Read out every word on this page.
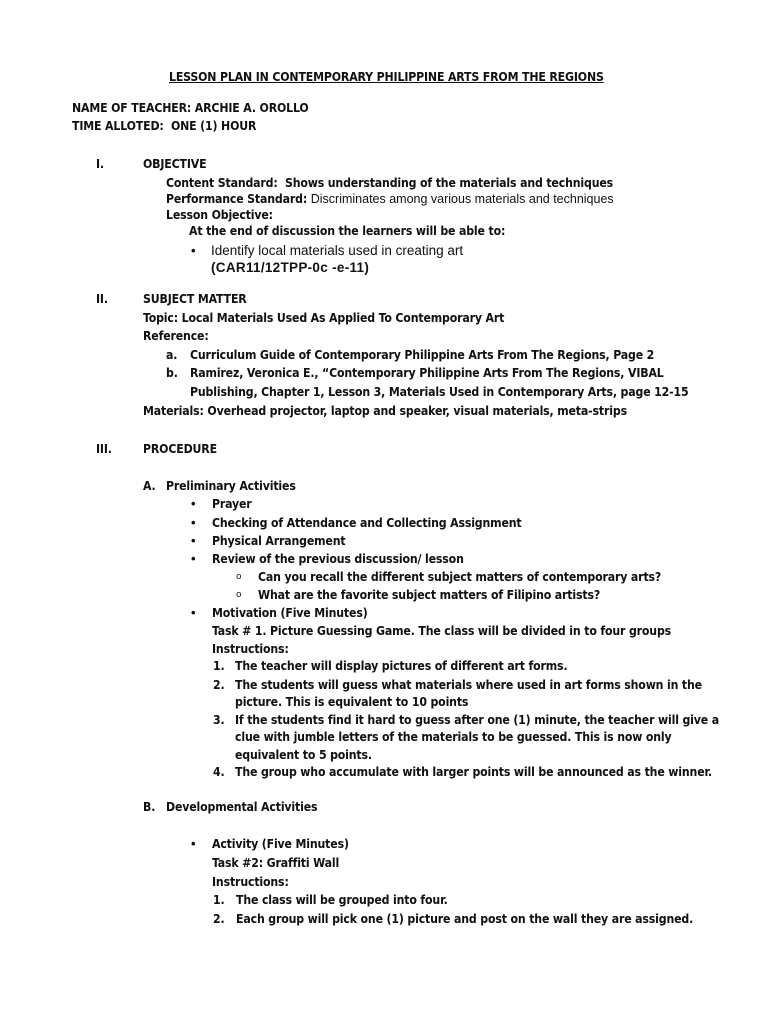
LESSON PLAN IN CONTEMPORARY PHILIPPINE ARTS FROM THE REGIONS
NAME OF TEACHER: ARCHIE A. OROLLO
TIME ALLOTED: ONE (1) HOUR
I.	OBJECTIVE
Content Standard: Shows understanding of the materials and techniques
Performance Standard: Discriminates among various materials and techniques
Lesson Objective:
At the end of discussion the learners will be able to:
• Identify local materials used in creating art
(CAR11/12TPP-0c -e-11)
II.	SUBJECT MATTER
Topic: Local Materials Used As Applied To Contemporary Art
Reference:
a. Curriculum Guide of Contemporary Philippine Arts From The Regions, Page 2
b. Ramirez, Veronica E., “Contemporary Philippine Arts From The Regions, VIBAL
Publishing, Chapter 1, Lesson 3, Materials Used in Contemporary Arts, page 12-15
Materials: Overhead projector, laptop and speaker, visual materials, meta-strips
III.	PROCEDURE
A. Preliminary Activities
• Prayer
• Checking of Attendance and Collecting Assignment
• Physical Arrangement
• Review of the previous discussion/ lesson
o Can you recall the different subject matters of contemporary arts?
o What are the favorite subject matters of Filipino artists?
• Motivation (Five Minutes)
Task # 1. Picture Guessing Game. The class will be divided in to four groups
Instructions:
1. The teacher will display pictures of different art forms.
2. The students will guess what materials where used in art forms shown in the
picture. This is equivalent to 10 points
3. If the students find it hard to guess after one (1) minute, the teacher will give a
clue with jumble letters of the materials to be guessed. This is now only
equivalent to 5 points.
4. The group who accumulate with larger points will be announced as the winner.
B. Developmental Activities
• Activity (Five Minutes)
Task #2: Graffiti Wall
Instructions:
1. The class will be grouped into four.
2. Each group will pick one (1) picture and post on the wall they are assigned.
